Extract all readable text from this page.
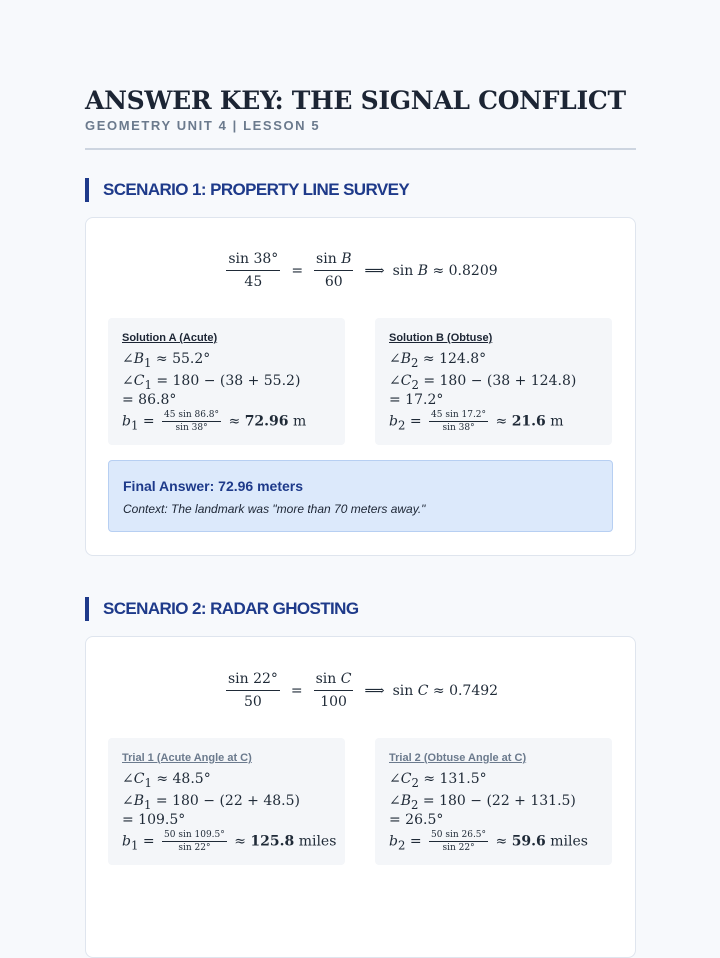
ANSWER KEY: THE SIGNAL CONFLICT
GEOMETRY UNIT 4 | LESSON 5
SCENARIO 1: PROPERTY LINE SURVEY
$\frac{\sin 38^\circ}{45} = \frac{\text{sin B}}{60}$ ⟹ sin B ≈ 0.8209
Solution A (Acute)
$\angle B_1 \approx 55.2^\circ$
$\angle C_1 = 180 - (38 + 55.2)$
= 86.8°
$b_1 = \frac{45 \sin 86.8^\circ}{\sin 38^\circ} \approx 72.96$ m
Solution B (Obtuse)
$\angle B_2 \approx 124.8^\circ$
$\angle C_2 = 180 - (38 + 124.8)$
= 17.2°
$b_2 = \frac{45 \sin 17.2^\circ}{\sin 38^\circ} \approx 21.6$ m
Final Answer: 72.96 meters
Context: The landmark was "more than 70 meters away."
SCENARIO 2: RADAR GHOSTING
$\frac{\sin 22^\circ}{50} = \frac{\text{sin C}}{100}$ ⟹ sin C ≈ 0.7492
Trial 1 (Acute Angle at C)
$\angle C_1 \approx 48.5^\circ$
$\angle B_1 = 180 - (22 + 48.5)$
= 109.5°
$b_1 = \frac{50 \sin 109.5^\circ}{\sin 22^\circ} \approx 125.8$ miles
Trial 2 (Obtuse Angle at C)
$\angle C_2 \approx 131.5^\circ$
$\angle B_2 = 180 - (22 + 131.5)$
= 26.5°
$b_2 = \frac{50 \sin 26.5^\circ}{\sin 22^\circ} \approx 59.6$ miles
